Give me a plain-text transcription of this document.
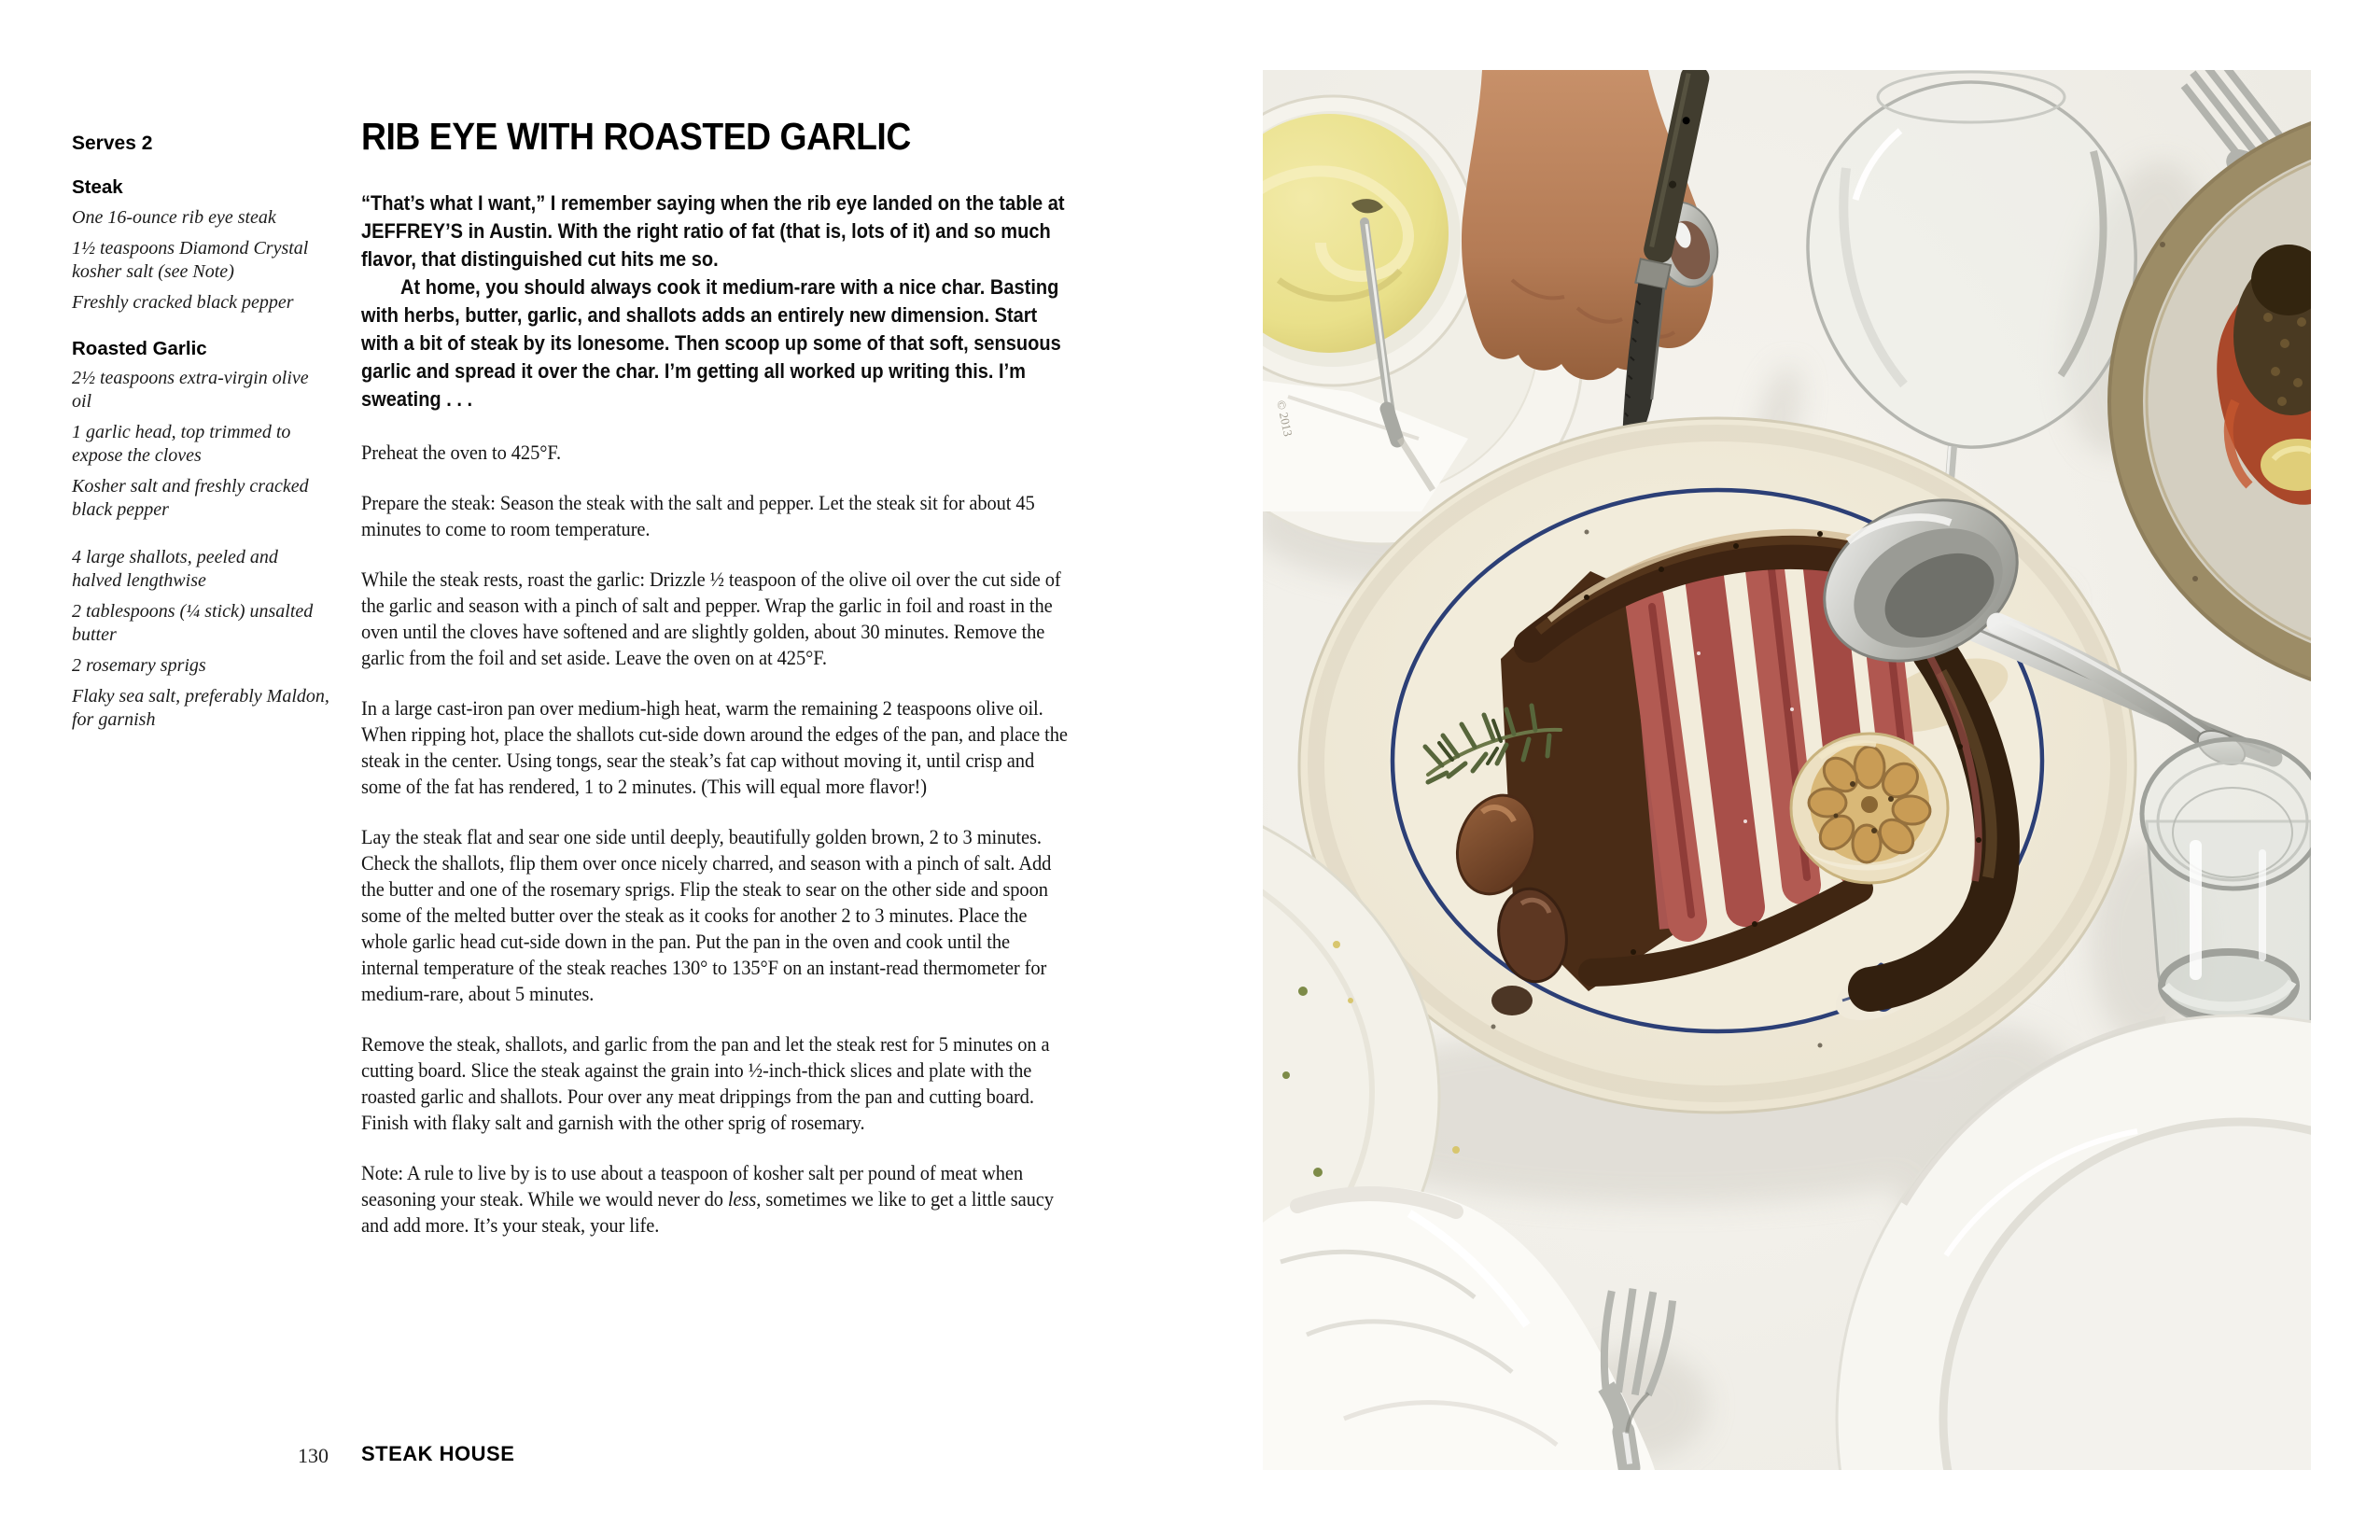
Serves 2
Steak
One 16-ounce rib eye steak
1½ teaspoons Diamond Crystal kosher salt (see Note)
Freshly cracked black pepper
Roasted Garlic
2½ teaspoons extra-virgin olive oil
1 garlic head, top trimmed to expose the cloves
Kosher salt and freshly cracked black pepper
4 large shallots, peeled and halved lengthwise
2 tablespoons (¼ stick) unsalted butter
2 rosemary sprigs
Flaky sea salt, preferably Maldon, for garnish
RIB EYE WITH ROASTED GARLIC

“That’s what I want,” I remember saying when the rib eye landed on the table at JEFFREY’S in Austin. With the right ratio of fat (that is, lots of it) and so much flavor, that distinguished cut hits me so.

At home, you should always cook it medium-rare with a nice char. Basting with herbs, butter, garlic, and shallots adds an entirely new dimension. Start with a bit of steak by its lonesome. Then scoop up some of that soft, sensuous garlic and spread it over the char. I’m getting all worked up writing this. I’m sweating . . .

Preheat the oven to 425°F.

Prepare the steak: Season the steak with the salt and pepper. Let the steak sit for about 45 minutes to come to room temperature.

While the steak rests, roast the garlic: Drizzle ½ teaspoon of the olive oil over the cut side of the garlic and season with a pinch of salt and pepper. Wrap the garlic in foil and roast in the oven until the cloves have softened and are slightly golden, about 30 minutes. Remove the garlic from the foil and set aside. Leave the oven on at 425°F.

In a large cast-iron pan over medium-high heat, warm the remaining 2 teaspoons olive oil. When ripping hot, place the shallots cut-side down around the edges of the pan, and place the steak in the center. Using tongs, sear the steak’s fat cap without moving it, until crisp and some of the fat has rendered, 1 to 2 minutes. (This will equal more flavor!)

Lay the steak flat and sear one side until deeply, beautifully golden brown, 2 to 3 minutes. Check the shallots, flip them over once nicely charred, and season with a pinch of salt. Add the butter and one of the rosemary sprigs. Flip the steak to sear on the other side and spoon some of the melted butter over the steak as it cooks for another 2 to 3 minutes. Place the whole garlic head cut-side down in the pan. Put the pan in the oven and cook until the internal temperature of the steak reaches 130° to 135°F on an instant-read thermometer for medium-rare, about 5 minutes.

Remove the steak, shallots, and garlic from the pan and let the steak rest for 5 minutes on a cutting board. Slice the steak against the grain into ½-inch-thick slices and plate with the roasted garlic and shallots. Pour over any meat drippings from the pan and cutting board. Finish with flaky salt and garnish with the other sprig of rosemary.

Note: A rule to live by is to use about a teaspoon of kosher salt per pound of meat when seasoning your steak. While we would never do less, sometimes we like to get a little saucy and add more. It’s your steak, your life.

130 STEAK HOUSE
© 2013
